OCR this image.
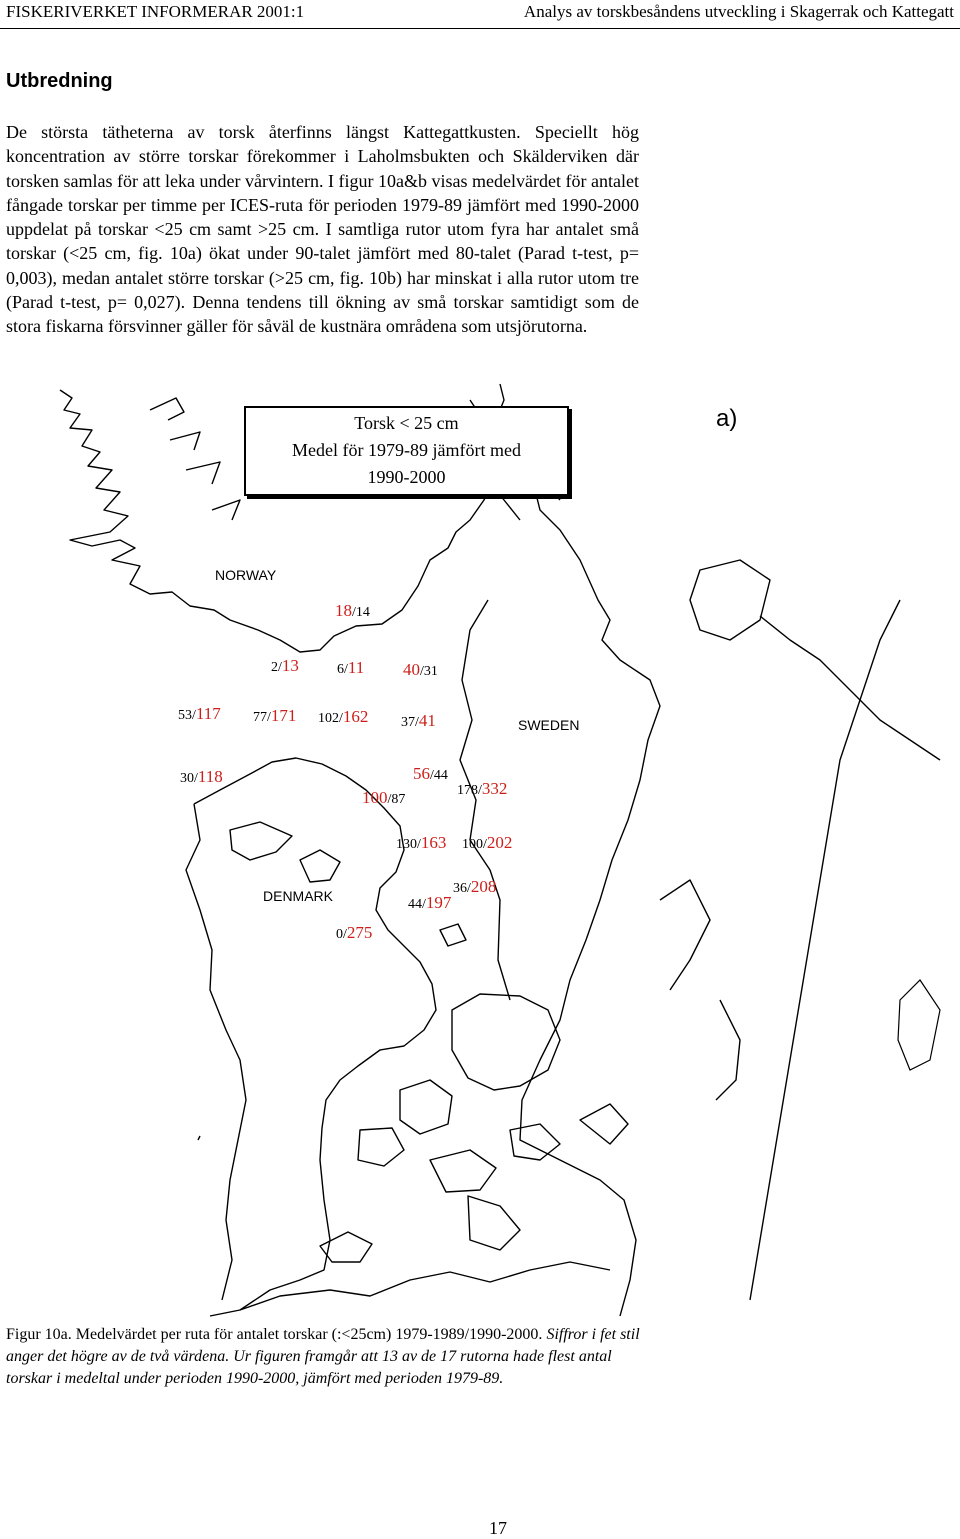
FISKERIVERKET INFORMERAR 2001:1	Analys av torskbesåndens utveckling i Skagerrak och Kattegatt
Utbredning

De största tätheterna av torsk återfinns längst Kattegattkusten. Speciellt hög koncentration av större torskar förekommer i Laholmsbukten och Skälderviken där torsken samlas för att leka under vårvintern. I figur 10a&b visas medelvärdet för antalet fångade torskar per timme per ICES-ruta för perioden 1979-89 jämfört med 1990-2000 uppdelat på torskar <25 cm samt >25 cm. I samtliga rutor utom fyra har antalet små torskar (<25 cm, fig. 10a) ökat under 90-talet jämfört med 80-talet (Parad t-test, p= 0,003), medan antalet större torskar (>25 cm, fig. 10b) har minskat i alla rutor utom tre (Parad t-test, p= 0,027). Denna tendens till ökning av små torskar samtidigt som de stora fiskarna försvinner gäller för såväl de kustnära områdena som utsjörutorna.

Torsk < 25 cm
Medel för 1979-89 jämfört med
1990-2000
a)
NORWAY
SWEDEN
DENMARK
18/14
2/13	6/11 40/31
53/117 77/171 102/162 37/41
30/118	56/44
100/87
178/332
130/163 100/202
36/208
44/197
0/275

Figur 10a. Medelvärdet per ruta för antalet torskar (:<25cm) 1979-1989/1990-2000. Siffror i fet stil anger det högre av de två värdena. Ur figuren framgår att 13 av de 17 rutorna hade flest antal torskar i medeltal under perioden 1990-2000, jämfört med perioden 1979-89.

17
